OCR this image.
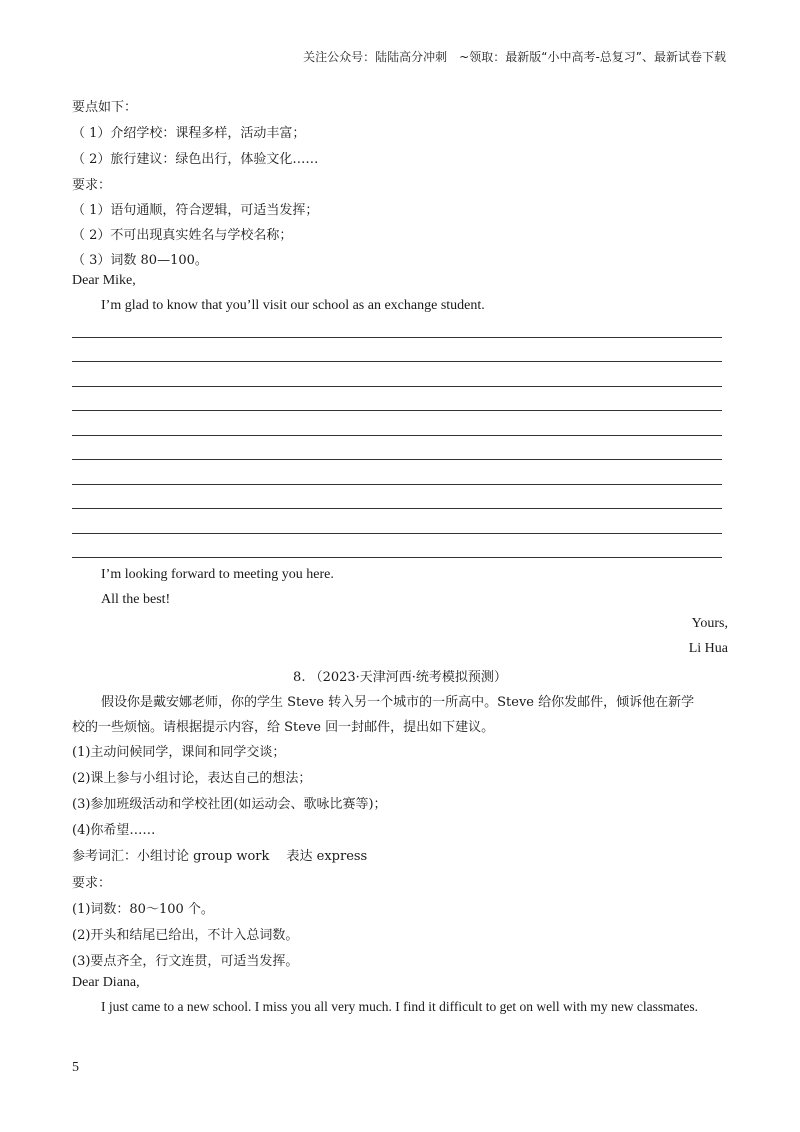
关注公众号：陆陆高分冲刺　~领取：最新版“小中高考-总复习”、最新试卷下载
要点如下：
（ 1）介绍学校：课程多样，活动丰富；
（ 2）旅行建议：绿色出行，体验文化……
要求：
（ 1）语句通顺，符合逻辑，可适当发挥；
（ 2）不可出现真实姓名与学校名称；
（ 3）词数 80—100。
Dear Mike,
I’m glad to know that you’ll visit our school as an exchange student.
I’m looking forward to meeting you here.
All the best!
Yours,
Li Hua
8. （2023·天津河西·统考模拟预测）
假设你是戴安娜老师，你的学生 Steve 转入另一个城市的一所高中。Steve 给你发邮件，倾诉他在新学
校的一些烦恼。请根据提示内容，给 Steve 回一封邮件，提出如下建议。
(1)主动问候同学，课间和同学交谈；
(2)课上参与小组讨论，表达自己的想法；
(3)参加班级活动和学校社团(如运动会、歌咏比赛等)；
(4)你希望……
参考词汇：小组讨论 group work　 表达 express
要求：
(1)词数：80～100 个。
(2)开头和结尾已给出，不计入总词数。
(3)要点齐全，行文连贯，可适当发挥。
Dear Diana,
I just came to a new school. I miss you all very much. I find it difficult to get on well with my new classmates.
5
